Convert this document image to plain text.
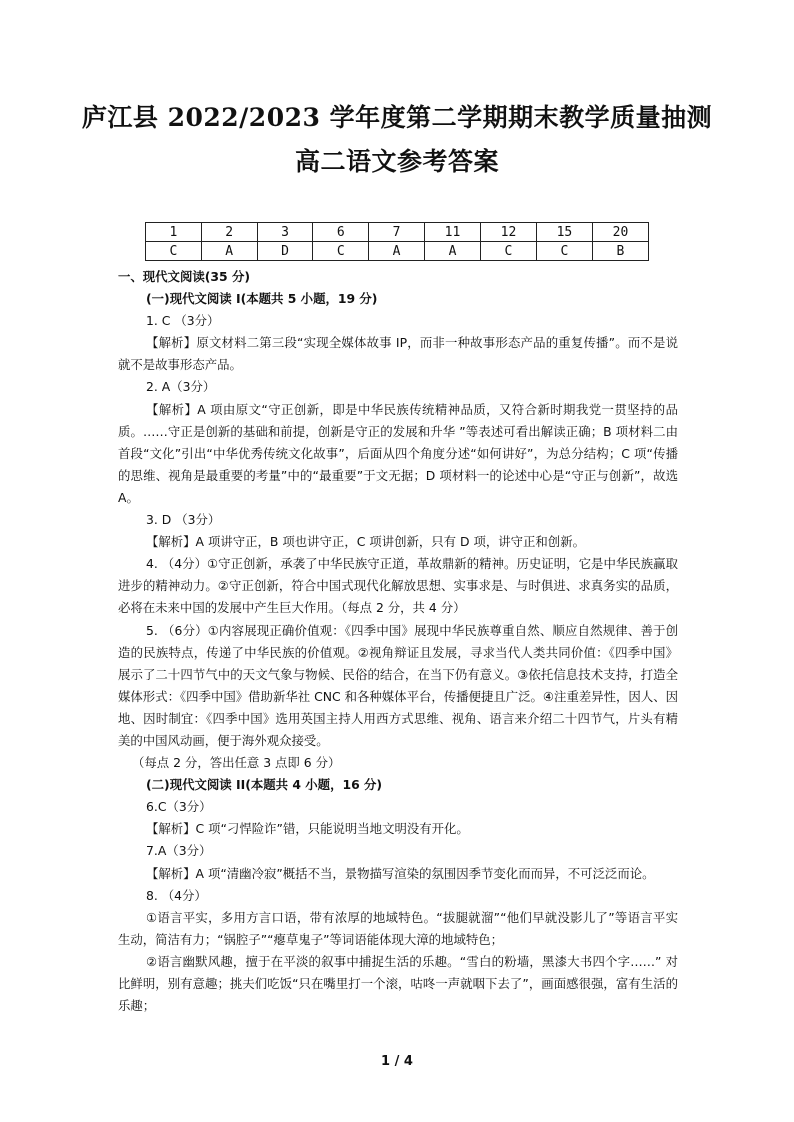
庐江县 2022/2023 学年度第二学期期末教学质量抽测
高二语文参考答案
1	2	3	6	7	11	12	15	20
C	A	D	C	A	A	C	C	B

一、现代文阅读(35 分)

(一)现代文阅读 I(本题共 5 小题，19 分)

1. C （3分）

【解析】原文材料二第三段“实现全媒体故事 IP，而非一种故事形态产品的重复传播”。而不是说就不是故事形态产品。

2. A（3分）

【解析】A 项由原文“守正创新，即是中华民族传统精神品质，又符合新时期我党一贯坚持的品质。……守正是创新的基础和前提，创新是守正的发展和升华 ”等表述可看出解读正确；B 项材料二由首段“文化”引出“中华优秀传统文化故事”，后面从四个角度分述“如何讲好”，为总分结构；C 项“传播的思维、视角是最重要的考量”中的“最重要”于文无据；D 项材料一的论述中心是“守正与创新”，故选 A。

3. D （3分）

【解析】A 项讲守正，B 项也讲守正，C 项讲创新，只有 D 项，讲守正和创新。

4. （4分）①守正创新，承袭了中华民族守正道，革故鼎新的精神。历史证明，它是中华民族赢取进步的精神动力。②守正创新，符合中国式现代化解放思想、实事求是、与时俱进、求真务实的品质，必将在未来中国的发展中产生巨大作用。（每点 2 分，共 4 分）

5. （6分）①内容展现正确价值观：《四季中国》展现中华民族尊重自然、顺应自然规律、善于创造的民族特点，传递了中华民族的价值观。②视角辩证且发展，寻求当代人类共同价值：《四季中国》展示了二十四节气中的天文气象与物候、民俗的结合，在当下仍有意义。③依托信息技术支持，打造全媒体形式：《四季中国》借助新华社 CNC 和各种媒体平台，传播便捷且广泛。④注重差异性，因人、因地、因时制宜：《四季中国》选用英国主持人用西方式思维、视角、语言来介绍二十四节气，片头有精美的中国风动画，便于海外观众接受。

（每点 2 分，答出任意 3 点即 6 分）

(二)现代文阅读 II(本题共 4 小题，16 分)

6.C（3分）

【解析】C 项“刁悍险诈”错，只能说明当地文明没有开化。

7.A（3分）

【解析】A 项“清幽冷寂”概括不当，景物描写渲染的氛围因季节变化而而异，不可泛泛而论。

8. （4分）

①语言平实，多用方言口语，带有浓厚的地域特色。“拔腿就溜”“他们早就没影儿了”等语言平实生动，简洁有力；“锅腔子”“瘪草鬼子”等词语能体现大漳的地域特色；

②语言幽默风趣，擅于在平淡的叙事中捕捉生活的乐趣。“雪白的粉墙，黑漆大书四个字……” 对比鲜明，别有意趣；挑夫们吃饭“只在嘴里打一个滚，咕咚一声就咽下去了”，画面感很强，富有生活的乐趣；

1 / 4
